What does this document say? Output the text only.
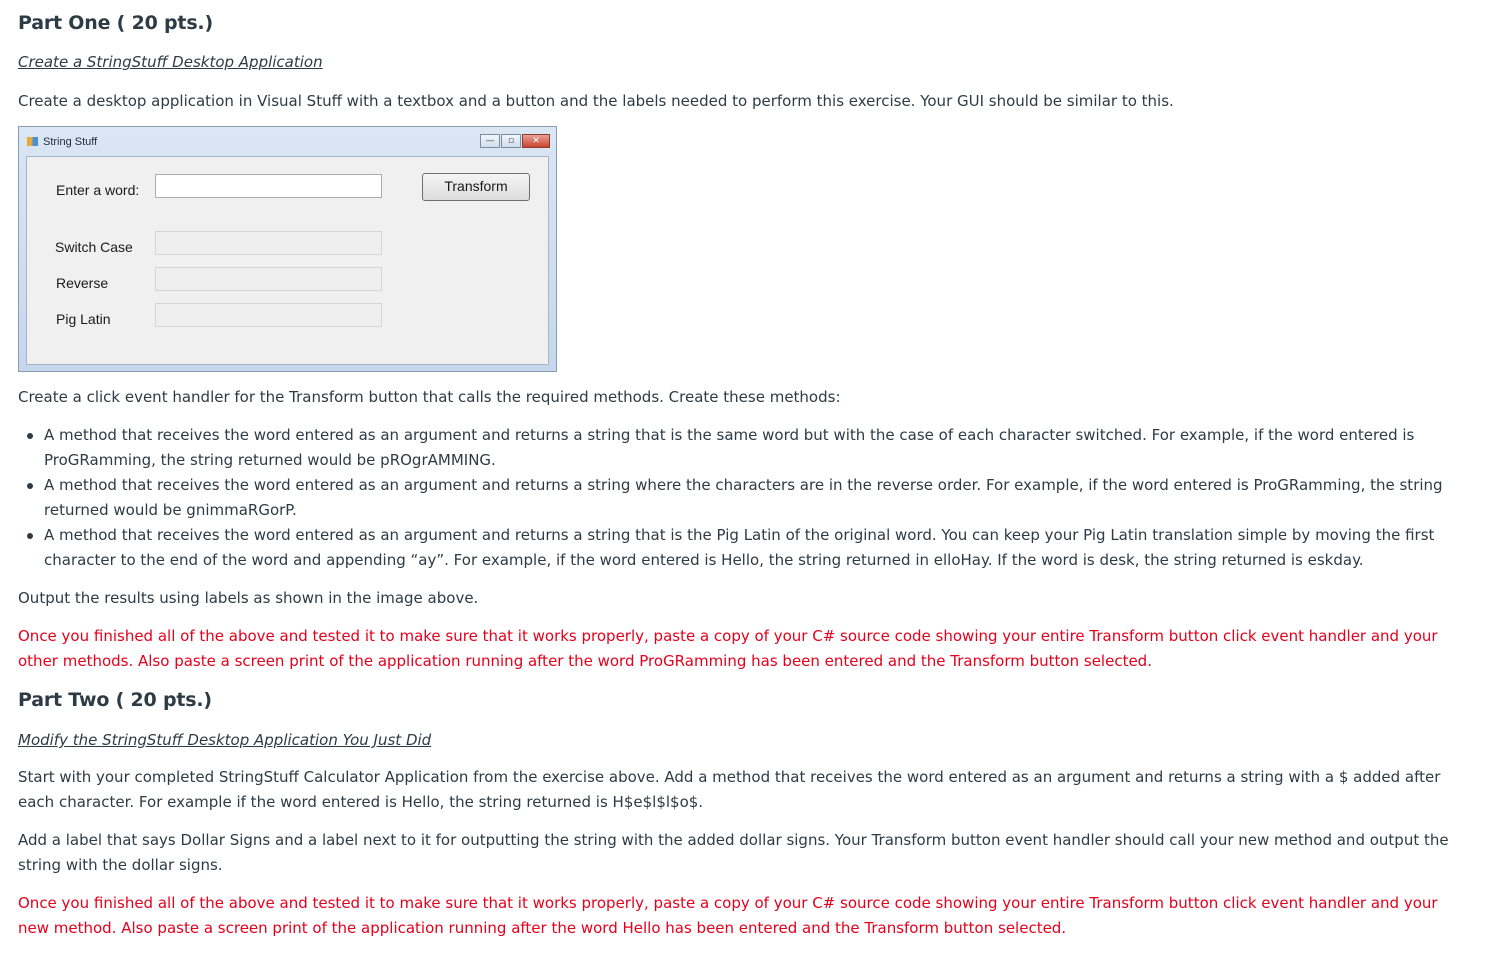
Part One ( 20 pts.)
Create a StringStuff Desktop Application
Create a desktop application in Visual Stuff with a textbox and a button and the labels needed to perform this exercise. Your GUI should be similar to this.
String Stuff	—	▫	✕
Enter a word:	Transform
Switch Case
Reverse
Pig Latin
Create a click event handler for the Transform button that calls the required methods. Create these methods:
A method that receives the word entered as an argument and returns a string that is the same word but with the case of each character switched. For example, if the word entered is ProGRamming, the string returned would be pROgrAMMING.
A method that receives the word entered as an argument and returns a string where the characters are in the reverse order. For example, if the word entered is ProGRamming, the string returned would be gnimmaRGorP.
A method that receives the word entered as an argument and returns a string that is the Pig Latin of the original word. You can keep your Pig Latin translation simple by moving the first character to the end of the word and appending “ay”. For example, if the word entered is Hello, the string returned in elloHay. If the word is desk, the string returned is eskday.
Output the results using labels as shown in the image above.
Once you finished all of the above and tested it to make sure that it works properly, paste a copy of your C# source code showing your entire Transform button click event handler and your other methods. Also paste a screen print of the application running after the word ProGRamming has been entered and the Transform button selected.
Part Two ( 20 pts.)
Modify the StringStuff Desktop Application You Just Did
Start with your completed StringStuff Calculator Application from the exercise above. Add a method that receives the word entered as an argument and returns a string with a $ added after each character. For example if the word entered is Hello, the string returned is H$e$l$l$o$.
Add a label that says Dollar Signs and a label next to it for outputting the string with the added dollar signs. Your Transform button event handler should call your new method and output the string with the dollar signs.
Once you finished all of the above and tested it to make sure that it works properly, paste a copy of your C# source code showing your entire Transform button click event handler and your new method. Also paste a screen print of the application running after the word Hello has been entered and the Transform button selected.
